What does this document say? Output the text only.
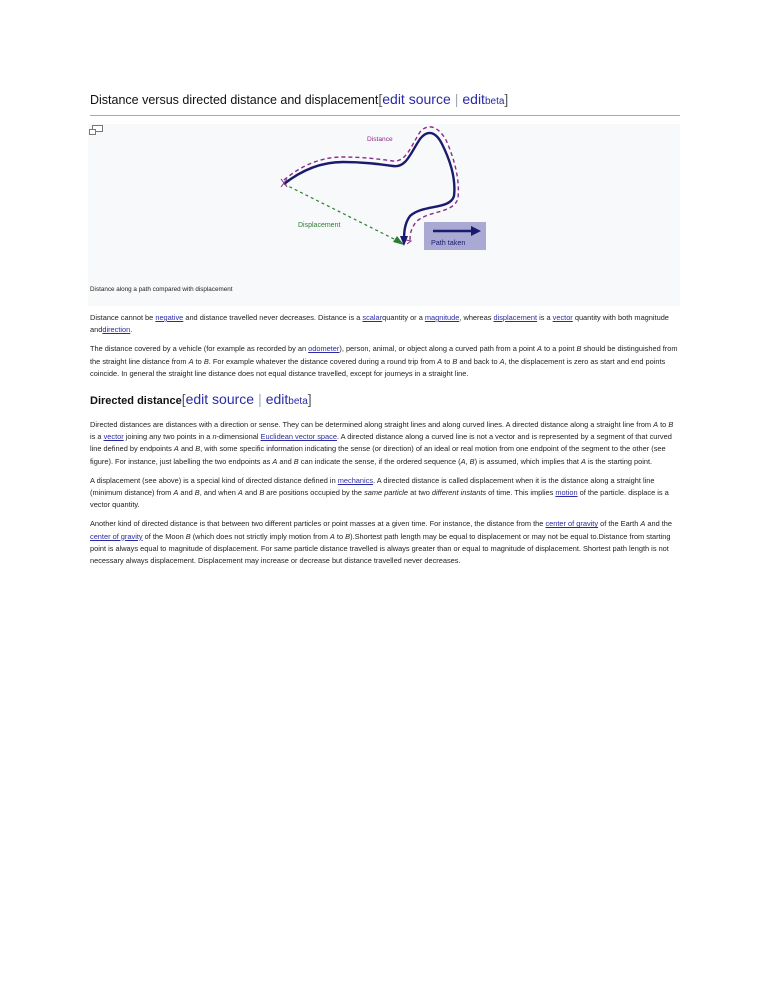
Distance versus directed distance and displacement[edit source | editbeta]
Distance
Displacement
Path taken
Distance along a path compared with displacement

Distance cannot be negative and distance travelled never decreases. Distance is a scalarquantity or a magnitude, whereas displacement is a vector quantity with both magnitude anddirection.

The distance covered by a vehicle (for example as recorded by an odometer), person, animal, or object along a curved path from a point A to a point B should be distinguished from the straight line distance from A to B. For example whatever the distance covered during a round trip from A to B and back to A, the displacement is zero as start and end points coincide. In general the straight line distance does not equal distance travelled, except for journeys in a straight line.

Directed distance[edit source | editbeta]

Directed distances are distances with a direction or sense. They can be determined along straight lines and along curved lines. A directed distance along a straight line from A to B is a vector joining any two points in a n-dimensional Euclidean vector space. A directed distance along a curved line is not a vector and is represented by a segment of that curved line defined by endpoints A and B, with some specific information indicating the sense (or direction) of an ideal or real motion from one endpoint of the segment to the other (see figure). For instance, just labelling the two endpoints as A and B can indicate the sense, if the ordered sequence (A, B) is assumed, which implies that A is the starting point.

A displacement (see above) is a special kind of directed distance defined in mechanics. A directed distance is called displacement when it is the distance along a straight line (minimum distance) from A and B, and when A and B are positions occupied by the same particle at two different instants of time. This implies motion of the particle. displace is a vector quantity.

Another kind of directed distance is that between two different particles or point masses at a given time. For instance, the distance from the center of gravity of the Earth A and the center of gravity of the Moon B (which does not strictly imply motion from A to B).Shortest path length may be equal to displacement or may not be equal to.Distance from starting point is always equal to magnitude of displacement. For same particle distance travelled is always greater than or equal to magnitude of displacement. Shortest path length is not necessary always displacement. Displacement may increase or decrease but distance travelled never decreases.
